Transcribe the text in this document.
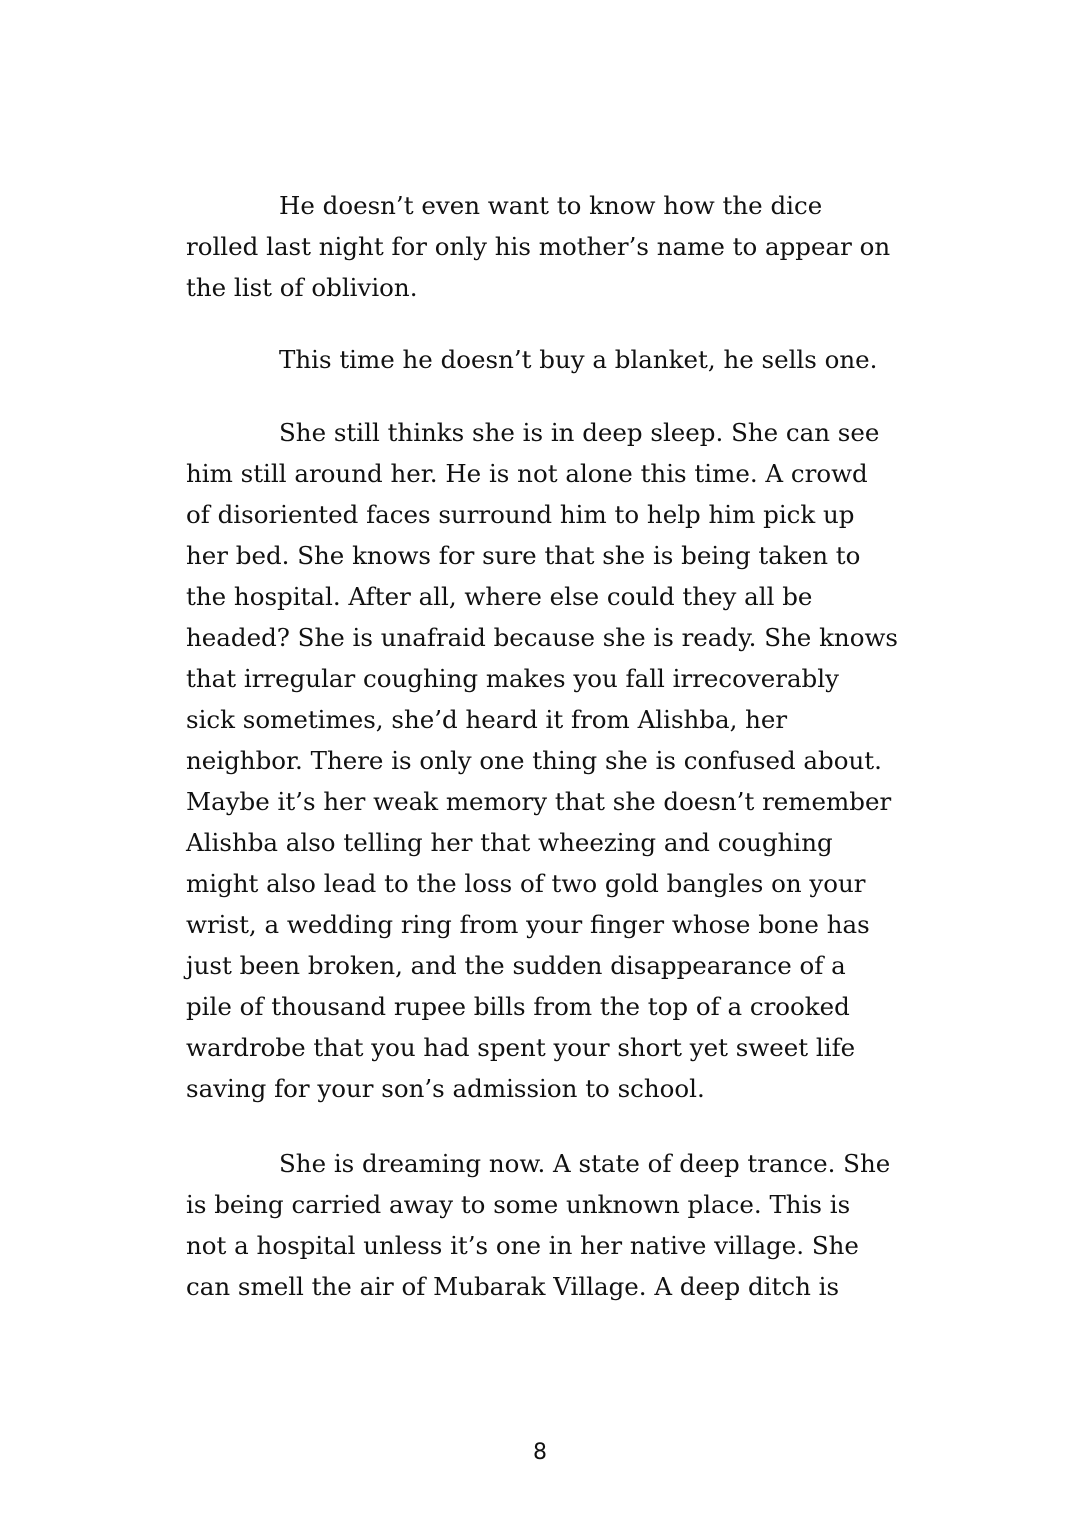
He doesn’t even want to know how the dice

rolled last night for only his mother’s name to appear on

the list of oblivion.

This time he doesn’t buy a blanket, he sells one.

She still thinks she is in deep sleep. She can see

him still around her. He is not alone this time. A crowd

of disoriented faces surround him to help him pick up

her bed. She knows for sure that she is being taken to

the hospital. After all, where else could they all be

headed? She is unafraid because she is ready. She knows

that irregular coughing makes you fall irrecoverably

sick sometimes, she’d heard it from Alishba, her

neighbor. There is only one thing she is confused about.

Maybe it’s her weak memory that she doesn’t remember

Alishba also telling her that wheezing and coughing

might also lead to the loss of two gold bangles on your

wrist, a wedding ring from your finger whose bone has

just been broken, and the sudden disappearance of a

pile of thousand rupee bills from the top of a crooked

wardrobe that you had spent your short yet sweet life

saving for your son’s admission to school.

She is dreaming now. A state of deep trance. She

is being carried away to some unknown place. This is

not a hospital unless it’s one in her native village. She

can smell the air of Mubarak Village. A deep ditch is

8
